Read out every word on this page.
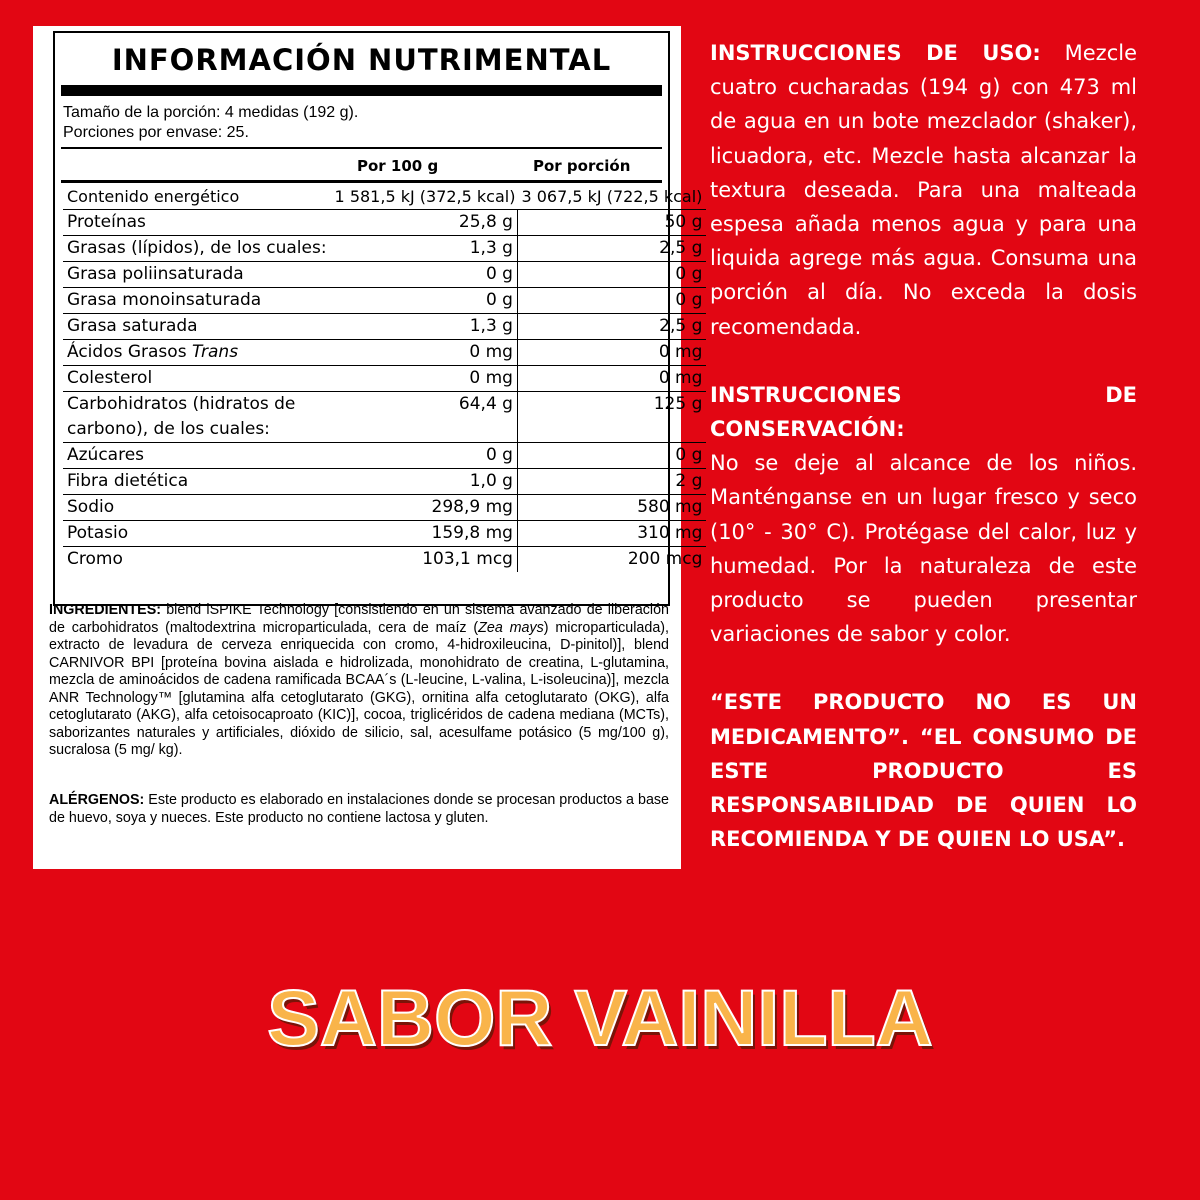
INFORMACIÓN NUTRIMENTAL
Tamaño de la porción: 4 medidas (192 g).
Porciones por envase: 25.
Por 100 g	Por porción
Contenido energético	1 581,5 kJ (372,5 kcal)	3 067,5 kJ (722,5 kcal)
Proteínas	25,8 g	50 g
Grasas (lípidos), de los cuales:	1,3 g	2,5 g
Grasa poliinsaturada	0 g	0 g
Grasa monoinsaturada	0 g	0 g
Grasa saturada	1,3 g	2,5 g
Ácidos Grasos Trans	0 mg	0 mg
Colesterol	0 mg	0 mg
Carbohidratos (hidratos de carbono), de los cuales:	64,4 g	125 g
Azúcares	0 g	0 g
Fibra dietética	1,0 g	2 g
Sodio	298,9 mg	580 mg
Potasio	159,8 mg	310 mg
Cromo	103,1 mcg	200 mcg
INGREDIENTES: blend iSPIKE Technology [consistiendo en un sistema avanzado de liberación de carbohidratos (maltodextrina microparticulada, cera de maíz (Zea mays) microparticulada), extracto de levadura de cerveza enriquecida con cromo, 4-hidroxileucina, D-pinitol)], blend CARNIVOR BPI [proteína bovina aislada e hidrolizada, monohidrato de creatina, L-glutamina, mezcla de aminoácidos de cadena ramificada BCAA´s (L-leucine, L-valina, L-isoleucina)], mezcla ANR Technology™ [glutamina alfa cetoglutarato (GKG), ornitina alfa cetoglutarato (OKG), alfa cetoglutarato (AKG), alfa cetoisocaproato (KIC)], cocoa, triglicéridos de cadena mediana (MCTs), saborizantes naturales y artificiales, dióxido de silicio, sal, acesulfame potásico (5 mg/100 g), sucralosa (5 mg/ kg).
ALÉRGENOS: Este producto es elaborado en instalaciones donde se procesan productos a base de huevo, soya y nueces. Este producto no contiene lactosa y gluten.

INSTRUCCIONES DE USO: Mezcle cuatro cucharadas (194 g) con 473 ml de agua en un bote mezclador (shaker), licuadora, etc. Mezcle hasta alcanzar la textura deseada. Para una malteada espesa añada menos agua y para una liquida agrege más agua. Consuma una porción al día. No exceda la dosis recomendada.

INSTRUCCIONES DE CONSERVACIÓN:
No se deje al alcance de los niños. Manténganse en un lugar fresco y seco (10° - 30° C). Protégase del calor, luz y humedad. Por la naturaleza de este producto se pueden presentar variaciones de sabor y color.

“ESTE PRODUCTO NO ES UN MEDICAMENTO”. “EL CONSUMO DE ESTE PRODUCTO ES RESPONSABILIDAD DE QUIEN LO RECOMIENDA Y DE QUIEN LO USA”.

SABOR VAINILLA
